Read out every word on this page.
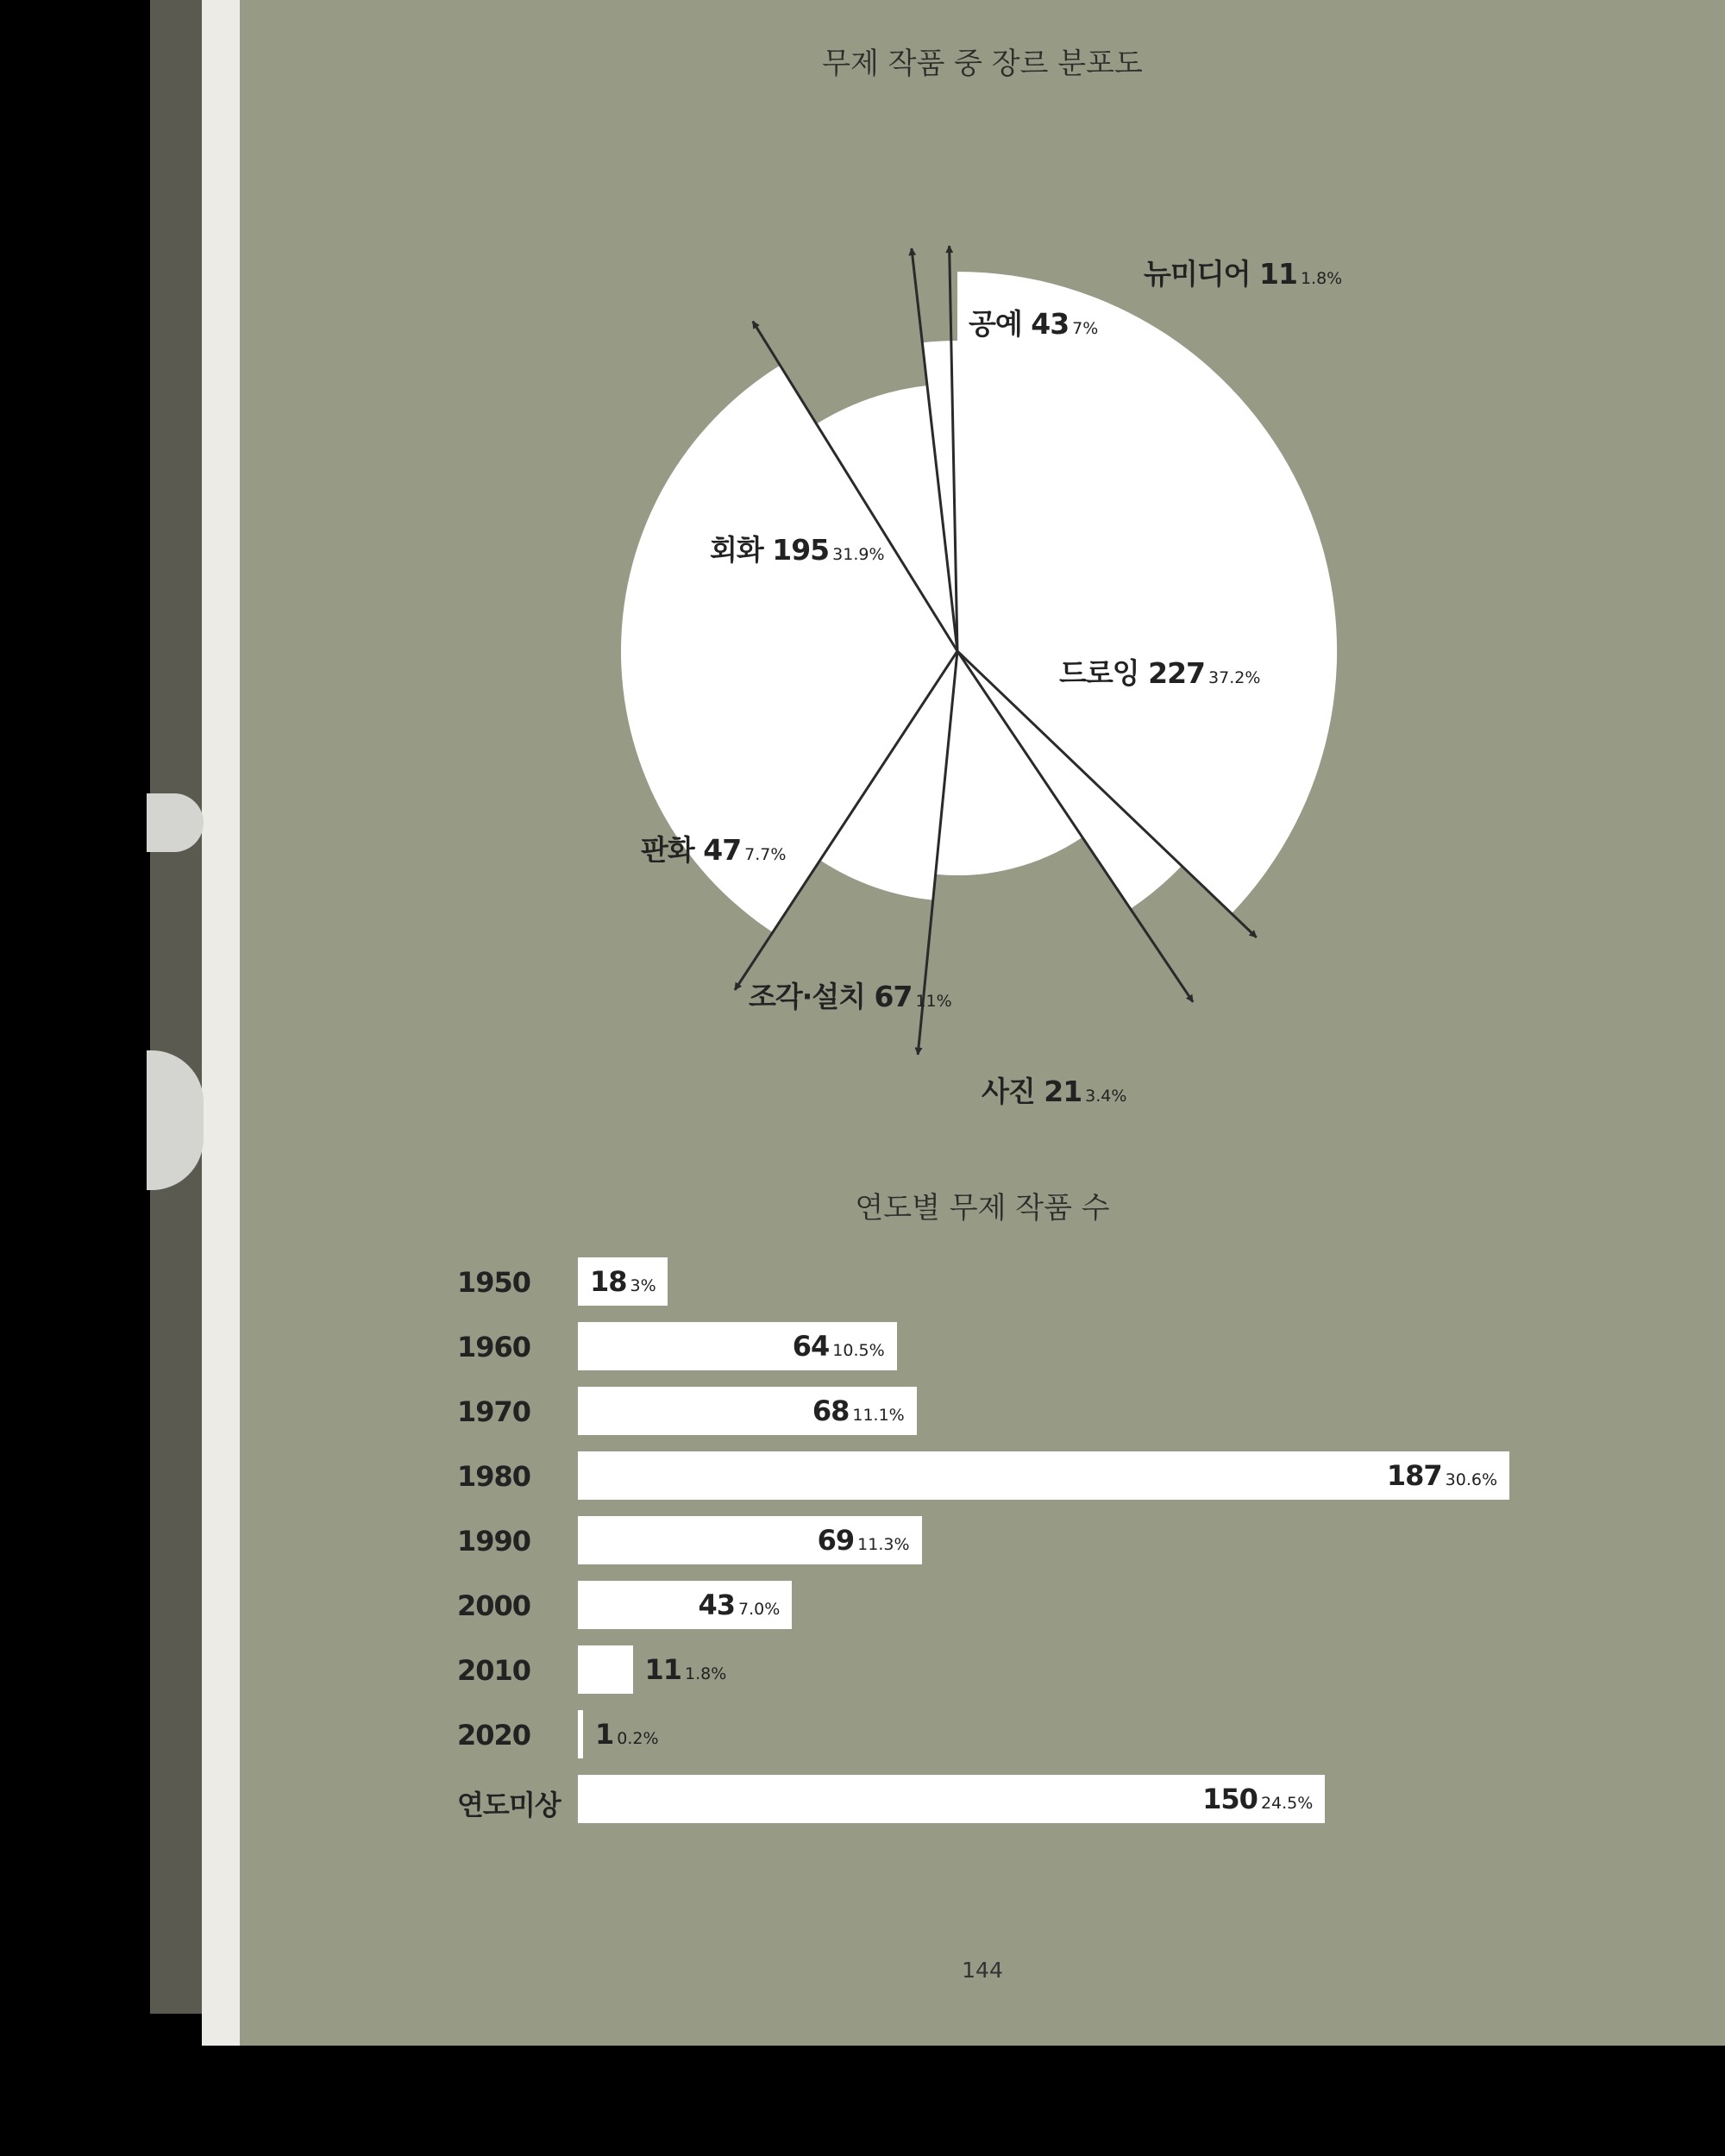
무제 작품 중 장르 분포도
드로잉 227 37.2%
사진 21 3.4%
조각·설치 67 11%
판화 47 7.7%
회화 195 31.9%
공예 43 7%
뉴미디어 11 1.8%
연도별 무제 작품 수
1950 18 3%
1960	64 10.5%
1970	68 11.1%
1980	187 30.6%
1990	69 11.3%
2000	43 7.0%
2010	11 1.8%
2020 1 0.2%
연도미상	150 24.5%
144
